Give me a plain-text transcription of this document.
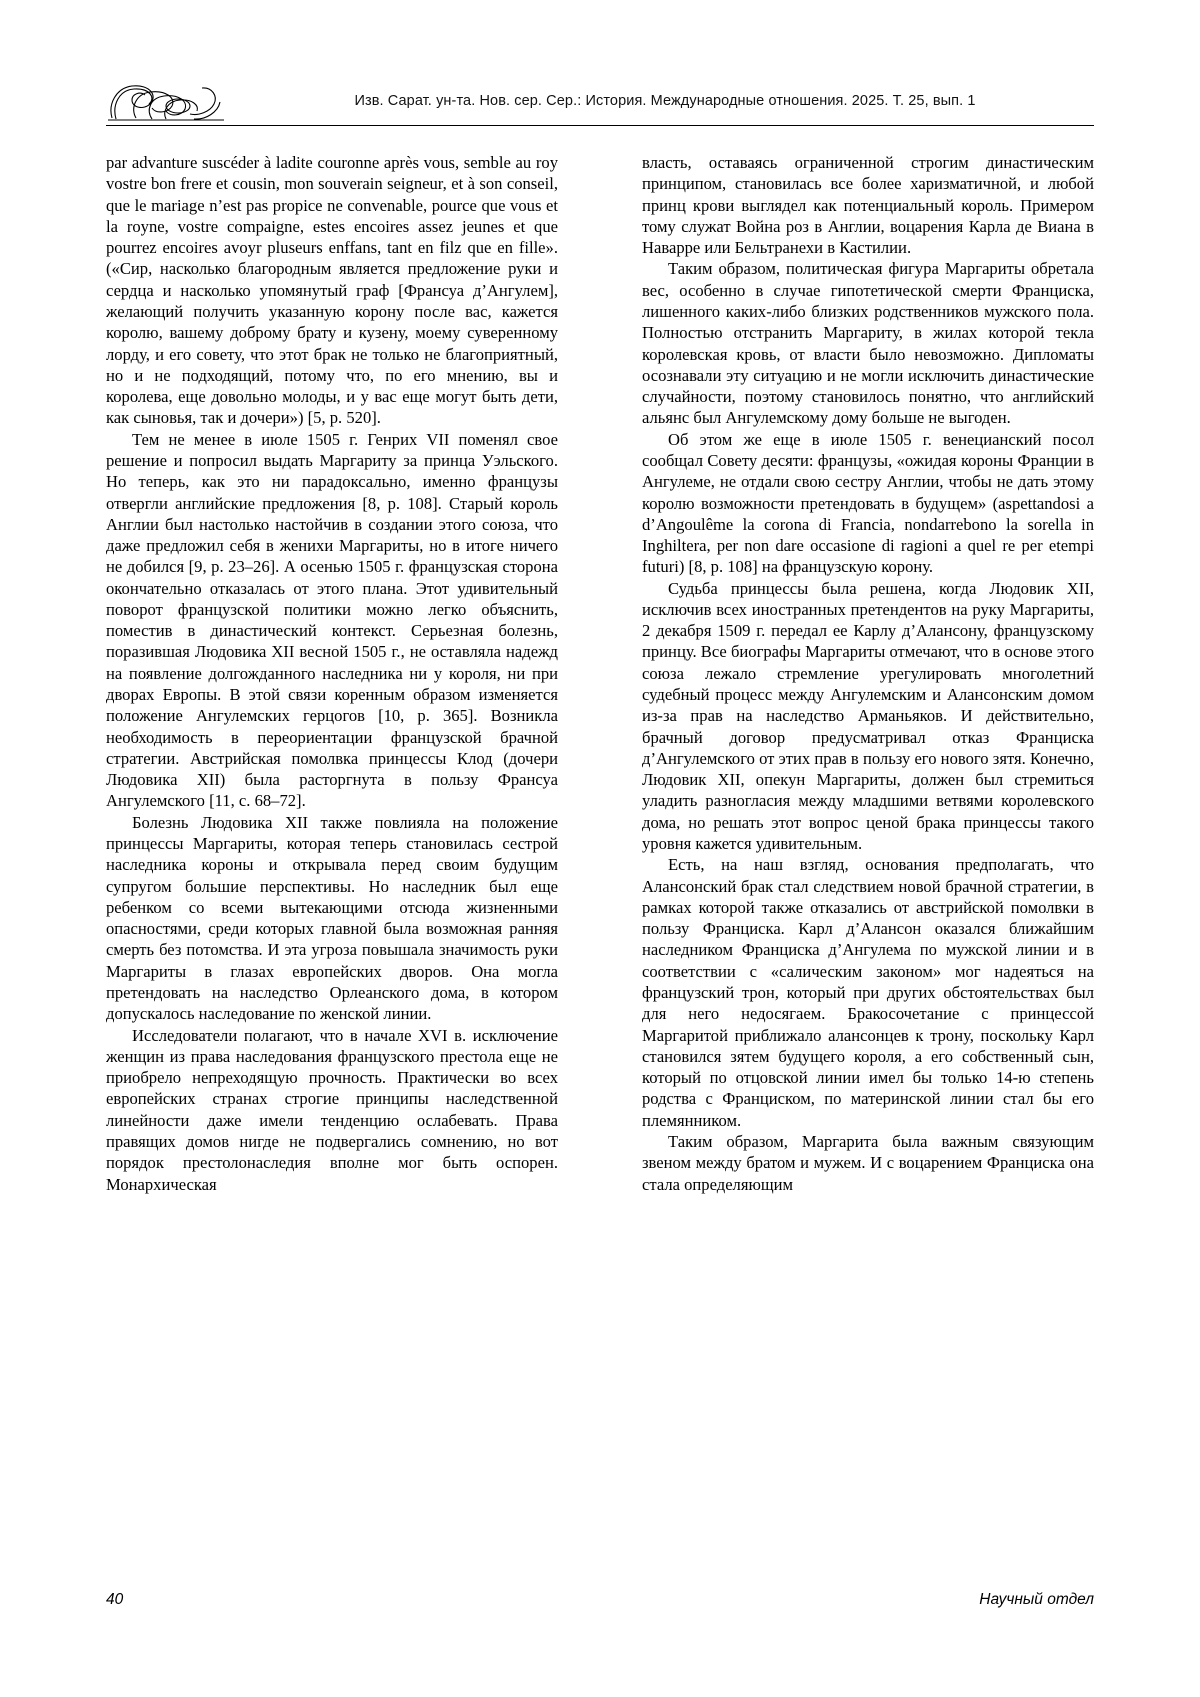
Изв. Сарат. ун-та. Нов. сер. Сер.: История. Международные отношения. 2025. Т. 25, вып. 1

par advanture suscéder à ladite couronne après vous, semble au roy vostre bon frere et cousin, mon souverain seigneur, et à son conseil, que le mariage n’est pas propice ne convenable, pource que vous et la royne, vostre compaigne, estes encoires assez jeunes et que pourrez encoires avoyr pluseurs enffans, tant en filz que en fille». («Сир, насколько благородным является предложение руки и сердца и насколько упомянутый граф [Франсуа д’Ангулем], желающий получить указанную корону после вас, кажется королю, вашему доброму брату и кузену, моему суверенному лорду, и его совету, что этот брак не только не благоприятный, но и не подходящий, потому что, по его мнению, вы и королева, еще довольно молоды, и у вас еще могут быть дети, как сыновья, так и дочери») [5, p. 520].

Тем не менее в июле 1505 г. Генрих VII поменял свое решение и попросил выдать Маргариту за принца Уэльского. Но теперь, как это ни парадоксально, именно французы отвергли английские предложения [8, p. 108]. Старый король Англии был настолько настойчив в создании этого союза, что даже предложил себя в женихи Маргариты, но в итоге ничего не добился [9, p. 23–26]. А осенью 1505 г. французская сторона окончательно отказалась от этого плана. Этот удивительный поворот французской политики можно легко объяснить, поместив в династический контекст. Серьезная болезнь, поразившая Людовика XII весной 1505 г., не оставляла надежд на появление долгожданного наследника ни у короля, ни при дворах Европы. В этой связи коренным образом изменяется положение Ангулемских герцогов [10, p. 365]. Возникла необходимость в переориентации французской брачной стратегии. Австрийская помолвка принцессы Клод (дочери Людовика XII) была расторгнута в пользу Франсуа Ангулемского [11, с. 68–72].

Болезнь Людовика XII также повлияла на положение принцессы Маргариты, которая теперь становилась сестрой наследника короны и открывала перед своим будущим супругом большие перспективы. Но наследник был еще ребенком со всеми вытекающими отсюда жизненными опасностями, среди которых главной была возможная ранняя смерть без потомства. И эта угроза повышала значимость руки Маргариты в глазах европейских дворов. Она могла претендовать на наследство Орлеанского дома, в котором допускалось наследование по женской линии.

Исследователи полагают, что в начале XVI в. исключение женщин из права наследования французского престола еще не приобрело непреходящую прочность. Практически во всех европейских странах строгие принципы наследственной линейности даже имели тенденцию ослабевать. Права правящих домов нигде не подвергались сомнению, но вот порядок престолонаследия вполне мог быть оспорен. Монархическая

власть, оставаясь ограниченной строгим династическим принципом, становилась все более харизматичной, и любой принц крови выглядел как потенциальный король. Примером тому служат Война роз в Англии, воцарения Карла де Виана в Наварре или Бельтранехи в Кастилии.

Таким образом, политическая фигура Маргариты обретала вес, особенно в случае гипотетической смерти Франциска, лишенного каких-либо близких родственников мужского пола. Полностью отстранить Маргариту, в жилах которой текла королевская кровь, от власти было невозможно. Дипломаты осознавали эту ситуацию и не могли исключить династические случайности, поэтому становилось понятно, что английский альянс был Ангулемскому дому больше не выгоден.

Об этом же еще в июле 1505 г. венецианский посол сообщал Совету десяти: французы, «ожидая короны Франции в Ангулеме, не отдали свою сестру Англии, чтобы не дать этому королю возможности претендовать в будущем» (aspettandosi a d’Angoulême la corona di Francia, nondarrebono la sorella in Inghiltera, per non dare occasione di ragioni a quel re per etempi futuri) [8, p. 108] на французскую корону.

Судьба принцессы была решена, когда Людовик XII, исключив всех иностранных претендентов на руку Маргариты, 2 декабря 1509 г. передал ее Карлу д’Алансону, французскому принцу. Все биографы Маргариты отмечают, что в основе этого союза лежало стремление урегулировать многолетний судебный процесс между Ангулемским и Алансонским домом из-за прав на наследство Арманьяков. И действительно, брачный договор предусматривал отказ Франциска д’Ангулемского от этих прав в пользу его нового зятя. Конечно, Людовик XII, опекун Маргариты, должен был стремиться уладить разногласия между младшими ветвями королевского дома, но решать этот вопрос ценой брака принцессы такого уровня кажется удивительным.

Есть, на наш взгляд, основания предполагать, что Алансонский брак стал следствием новой брачной стратегии, в рамках которой также отказались от австрийской помолвки в пользу Франциска. Карл д’Алансон оказался ближайшим наследником Франциска д’Ангулема по мужской линии и в соответствии с «салическим законом» мог надеяться на французский трон, который при других обстоятельствах был для него недосягаем. Бракосочетание с принцессой Маргаритой приближало алансонцев к трону, поскольку Карл становился зятем будущего короля, а его собственный сын, который по отцовской линии имел бы только 14-ю степень родства с Франциском, по материнской линии стал бы его племянником.

Таким образом, Маргарита была важным связующим звеном между братом и мужем. И с воцарением Франциска она стала определяющим

40	Научный отдел
